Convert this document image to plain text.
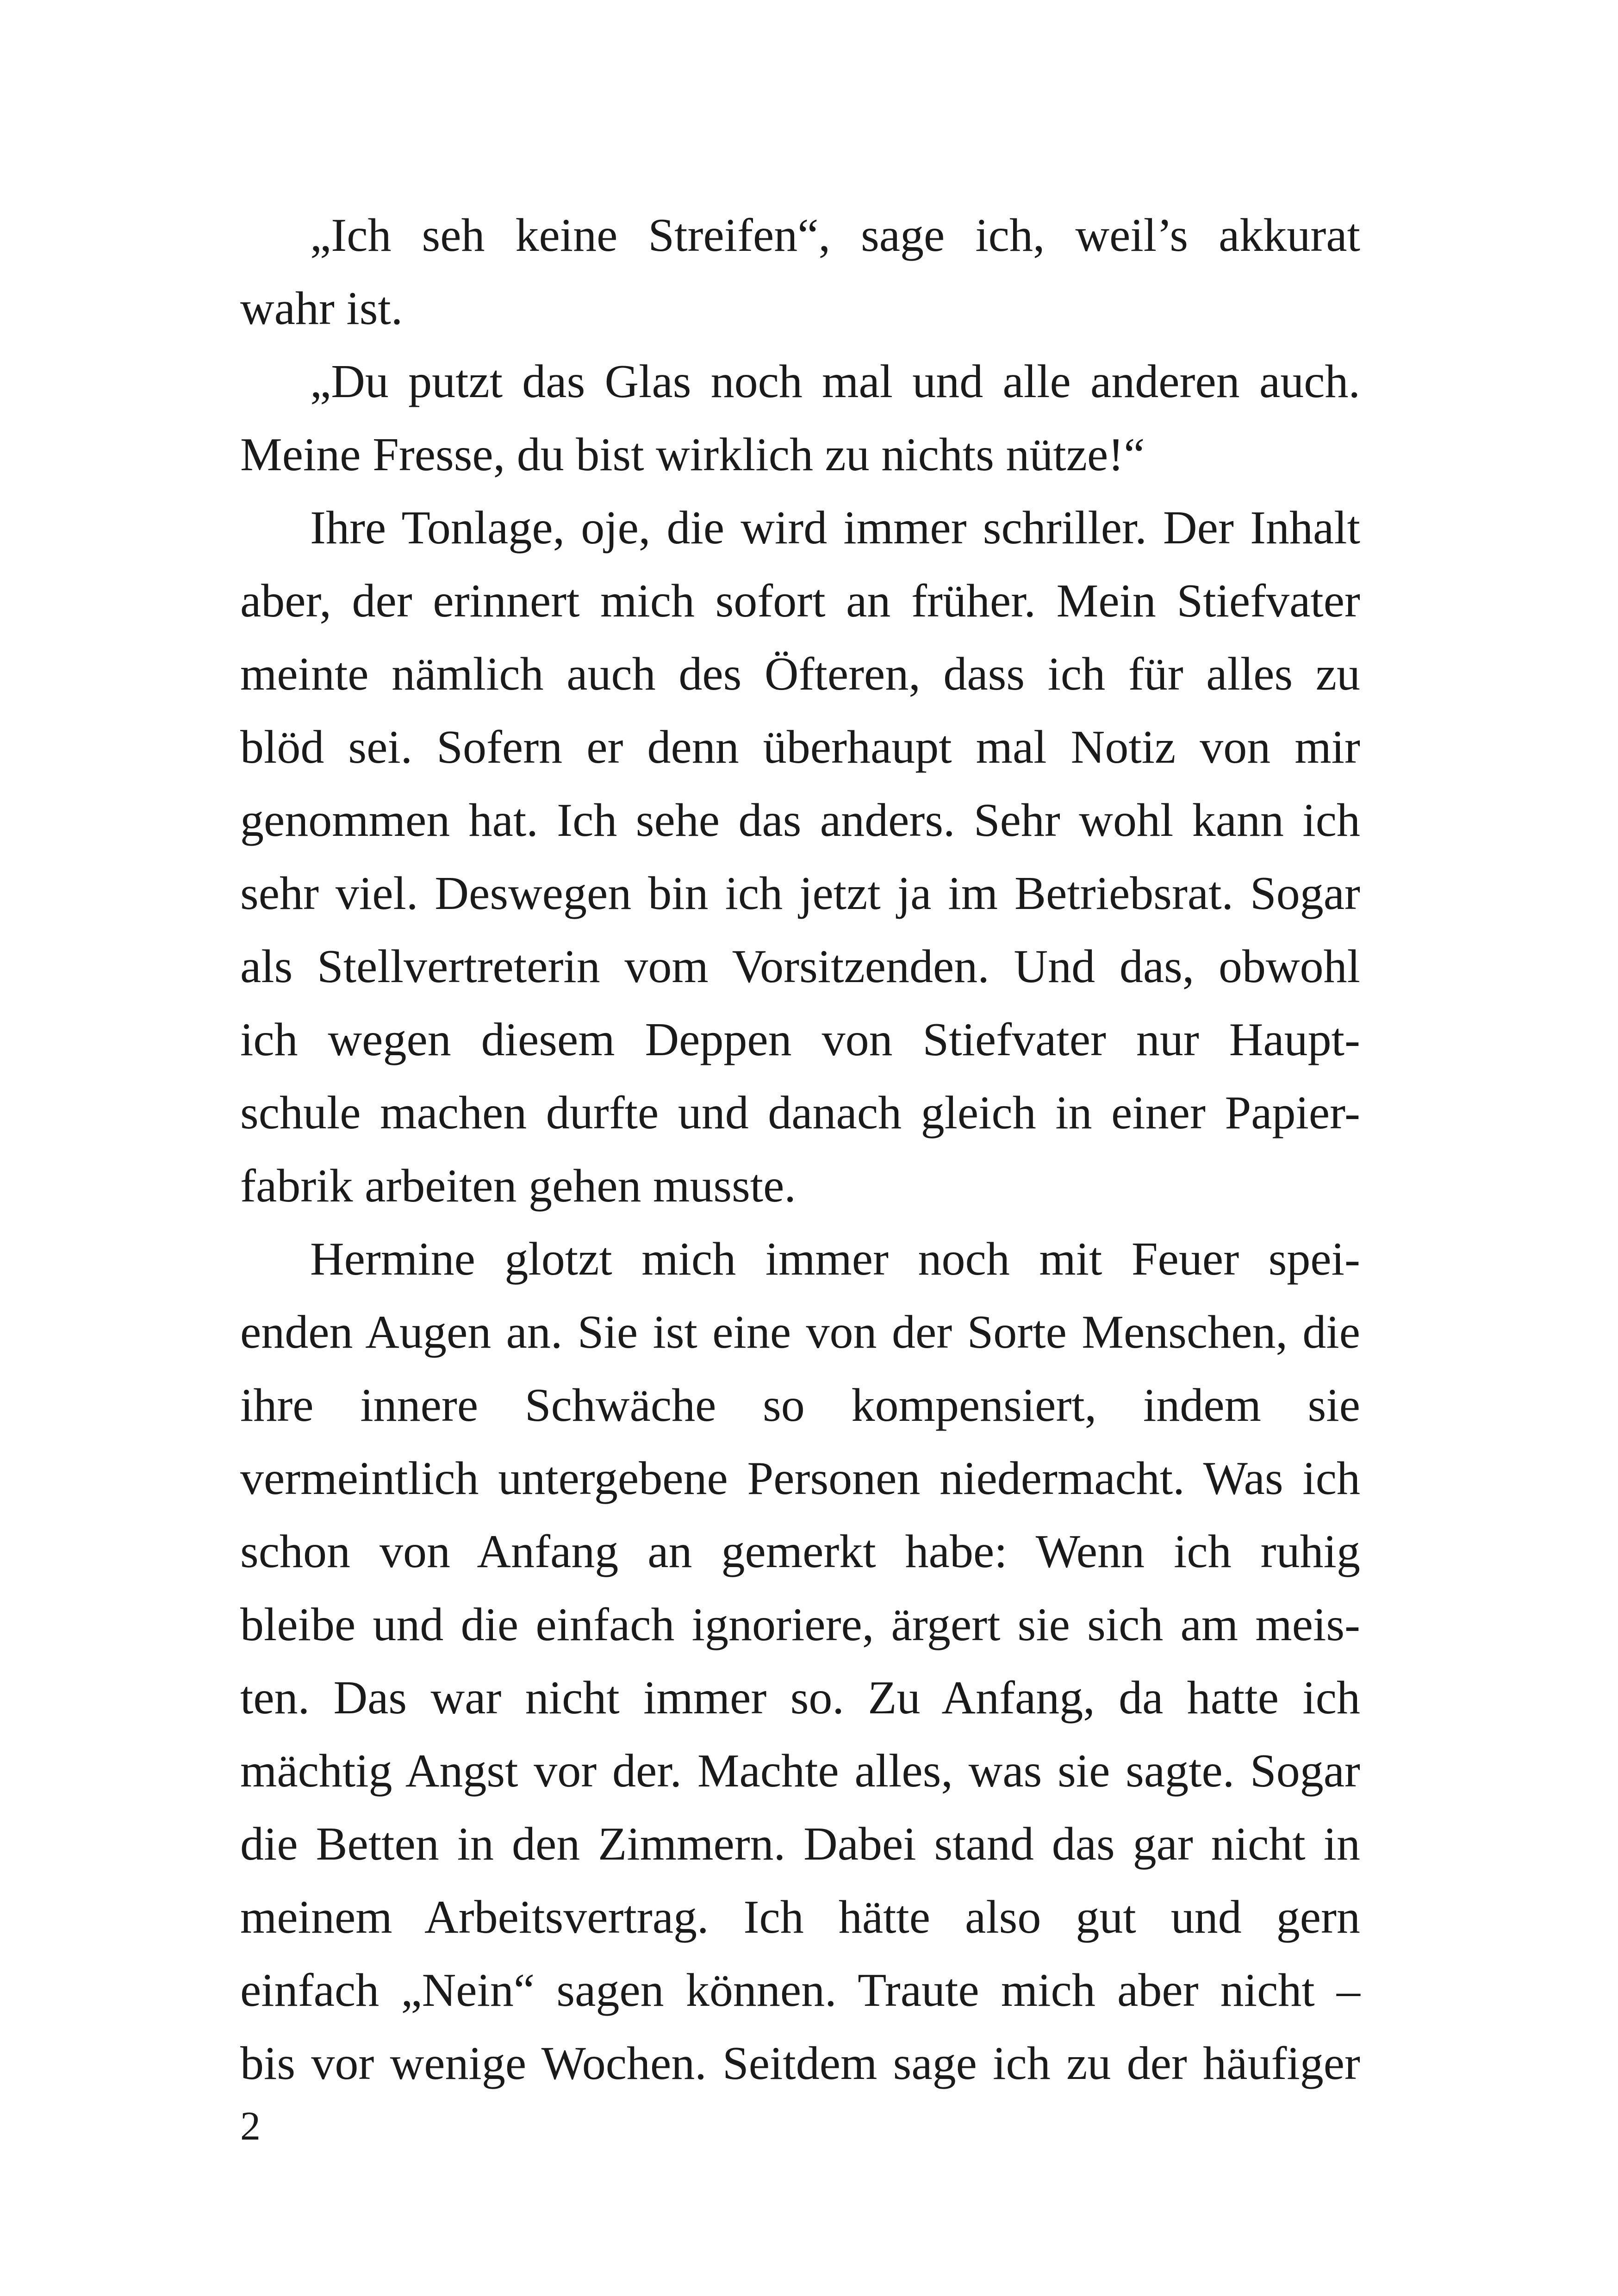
„Ich seh keine Streifen“, sage ich, weil’s akkurat
wahr ist.
„Du putzt das Glas noch mal und alle anderen auch.
Meine Fresse, du bist wirklich zu nichts nütze!“
Ihre Tonlage, oje, die wird immer schriller. Der Inhalt
aber, der erinnert mich sofort an früher. Mein Stiefvater
meinte nämlich auch des Öfteren, dass ich für alles zu
blöd sei. Sofern er denn überhaupt mal Notiz von mir
genommen hat. Ich sehe das anders. Sehr wohl kann ich
sehr viel. Deswegen bin ich jetzt ja im Betriebsrat. Sogar
als Stellvertreterin vom Vorsitzenden. Und das, obwohl
ich wegen diesem Deppen von Stiefvater nur Haupt-
schule machen durfte und danach gleich in einer Papier-
fabrik arbeiten gehen musste.
Hermine glotzt mich immer noch mit Feuer spei-
enden Augen an. Sie ist eine von der Sorte Menschen, die
ihre innere Schwäche so kompensiert, indem sie
vermeintlich untergebene Personen niedermacht. Was ich
schon von Anfang an gemerkt habe: Wenn ich ruhig
bleibe und die einfach ignoriere, ärgert sie sich am meis-
ten. Das war nicht immer so. Zu Anfang, da hatte ich
mächtig Angst vor der. Machte alles, was sie sagte. Sogar
die Betten in den Zimmern. Dabei stand das gar nicht in
meinem Arbeitsvertrag. Ich hätte also gut und gern
einfach „Nein“ sagen können. Traute mich aber nicht –
bis vor wenige Wochen. Seitdem sage ich zu der häufiger
2
